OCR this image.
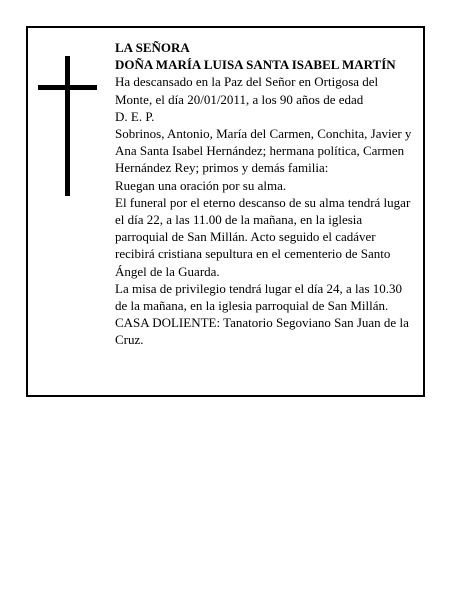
LA SEÑORA

DOÑA MARÍA LUISA SANTA ISABEL MARTÍN

Ha descansado en la Paz del Señor en Ortigosa del Monte, el día 20/01/2011, a los 90 años de edad

D. E. P.

Sobrinos, Antonio, María del Carmen, Conchita, Javier y Ana Santa Isabel Hernández; hermana política, Carmen Hernández Rey; primos y demás familia:

Ruegan una oración por su alma.

El funeral por el eterno descanso de su alma tendrá lugar el día 22, a las 11.00 de la mañana, en la iglesia parroquial de San Millán. Acto seguido el cadáver recibirá cristiana sepultura en el cementerio de Santo Ángel de la Guarda.

La misa de privilegio tendrá lugar el día 24, a las 10.30 de la mañana, en la iglesia parroquial de San Millán.

CASA DOLIENTE: Tanatorio Segoviano San Juan de la Cruz.
